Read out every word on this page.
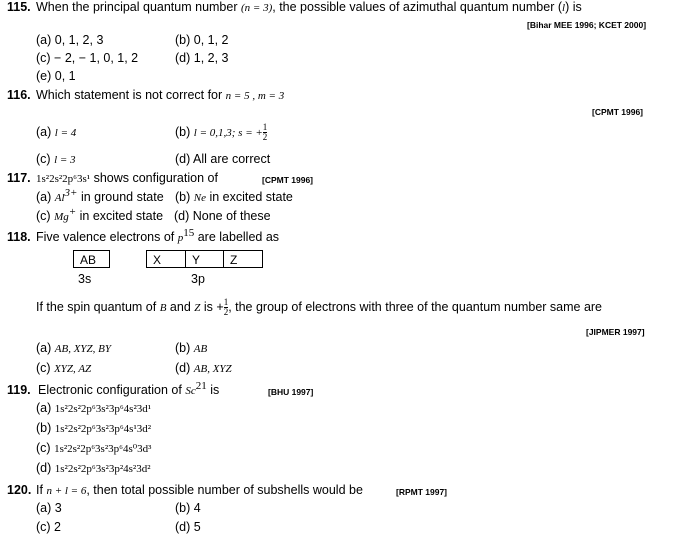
115. When the principal quantum number (n = 3), the possible values of azimuthal quantum number (l) is
[Bihar MEE 1996; KCET 2000]
(a) 0, 1, 2, 3	(b) 0, 1, 2
(c) − 2, − 1, 0, 1, 2	(d) 1, 2, 3
(e) 0, 1
116. Which statement is not correct for n = 5 , m = 3
[CPMT 1996]
(a) l = 4	(b) l = 0,1,3; s = + $\frac{1}{2}$
(c) l = 3	(d) All are correct
117. 1s²2s²2p⁶3s¹ shows configuration of	[CPMT 1996]
(a) $Al^{3+}$ in ground state (b) Ne in excited state
(c) Mg+ in excited state (d) None of these
118. Five valence electrons of $p^{15}$ are labelled as
AB	X	Y	Z
3s	3p
If the spin quantum of B and Z is + $\frac{1}{2}$ , the group of electrons with three of the quantum number same are
[JIPMER 1997]
(a) AB, XYZ, BY	(b) AB
(c) XYZ, AZ	(d) AB, XYZ
119. Electronic configuration of Sc$^{21}$ is	[BHU 1997]
(a) 1s²2s²2p⁶3s²3p⁶4s²3d¹
(b) 1s²2s²2p⁶3s²3p⁶4s¹3d²
(c) 1s²2s²2p⁶3s²3p⁶4s⁰3d³
(d) 1s²2s²2p⁶3s²3p²4s²3d²
120. If n + l = 6, then total possible number of subshells would be	[RPMT 1997]
(a) 3	(b) 4
(c) 2	(d) 5
